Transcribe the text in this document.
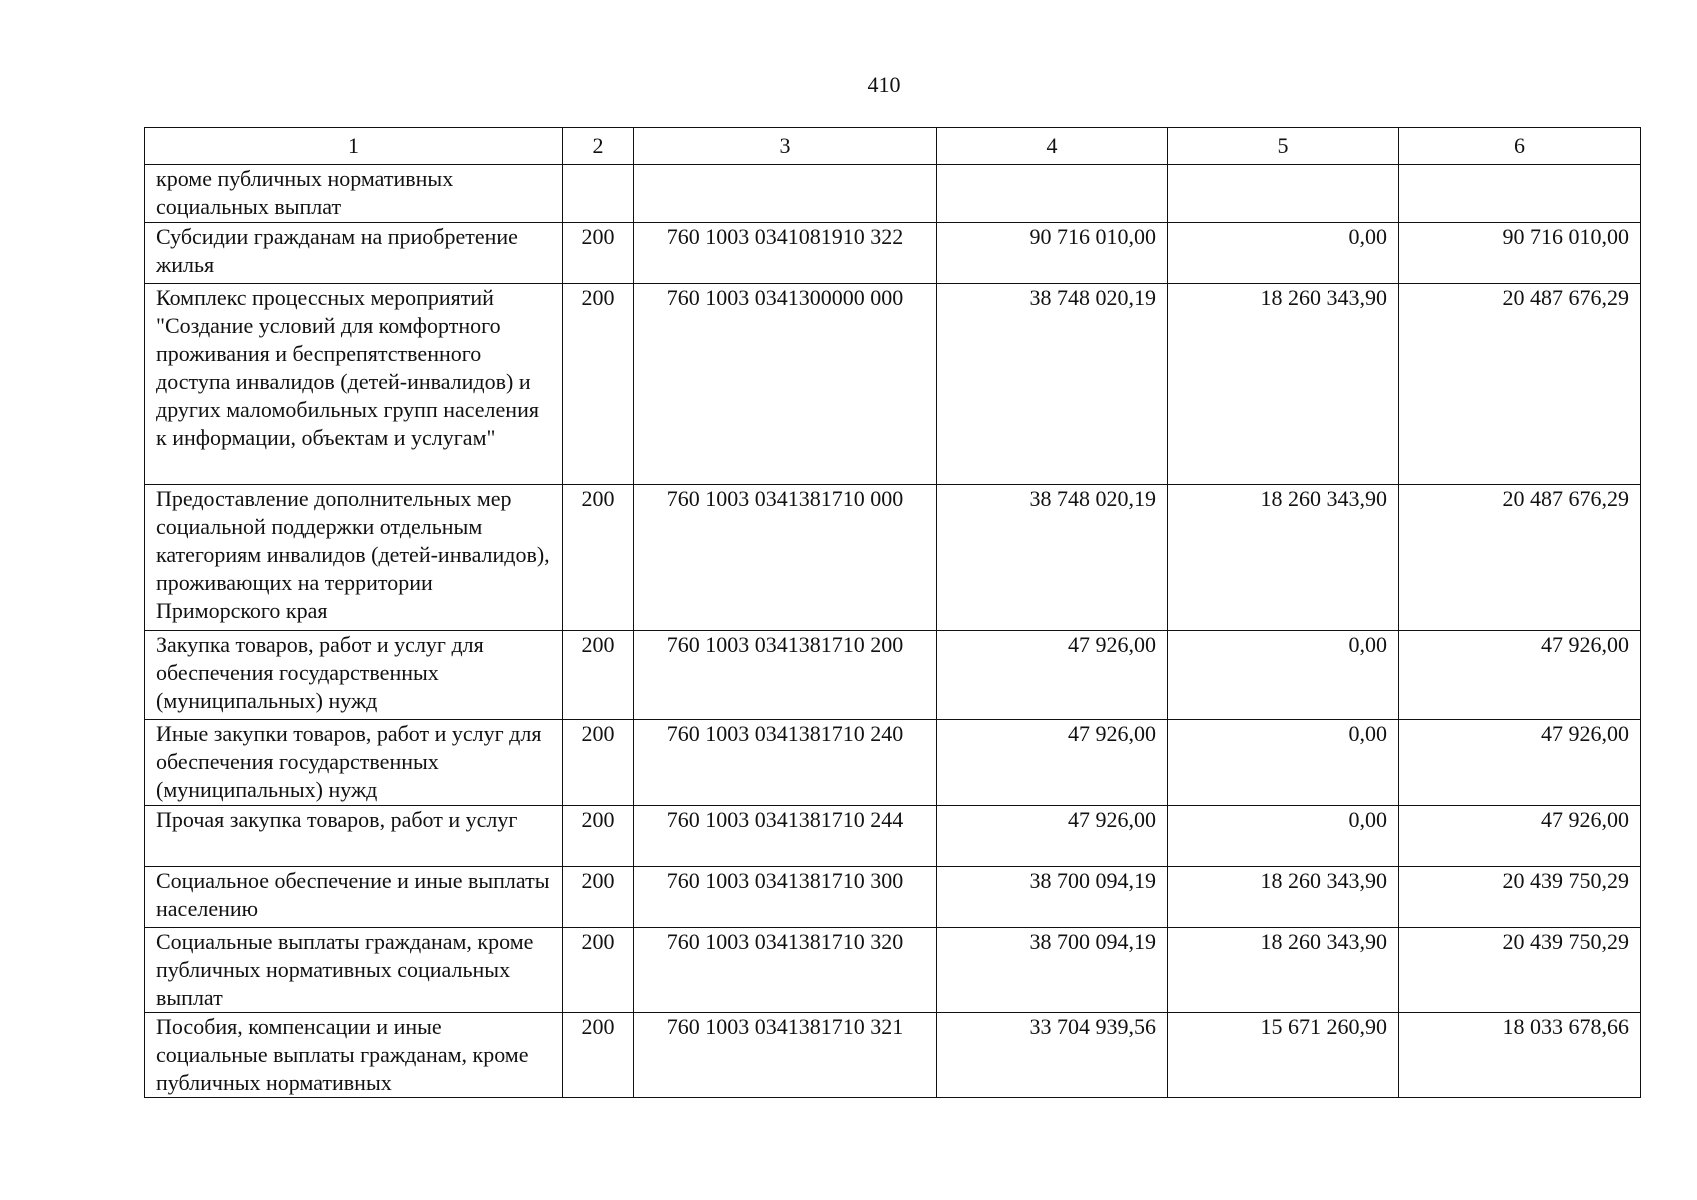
410
1	2	3	4	5	6
кроме публичных нормативных социальных выплат					
Субсидии гражданам на приобретение жилья	200	760 1003 0341081910 322	90 716 010,00	0,00	90 716 010,00
Комплекс процессных мероприятий "Создание условий для комфортного проживания и беспрепятственного доступа инвалидов (детей-инвалидов) и других маломобильных групп населения к информации, объектам и услугам"	200	760 1003 0341300000 000	38 748 020,19	18 260 343,90	20 487 676,29
Предоставление дополнительных мер социальной поддержки отдельным категориям инвалидов (детей-инвалидов), проживающих на территории Приморского края	200	760 1003 0341381710 000	38 748 020,19	18 260 343,90	20 487 676,29
Закупка товаров, работ и услуг для обеспечения государственных (муниципальных) нужд	200	760 1003 0341381710 200	47 926,00	0,00	47 926,00
Иные закупки товаров, работ и услуг для обеспечения государственных (муниципальных) нужд	200	760 1003 0341381710 240	47 926,00	0,00	47 926,00
Прочая закупка товаров, работ и услуг	200	760 1003 0341381710 244	47 926,00	0,00	47 926,00
Социальное обеспечение и иные выплаты населению	200	760 1003 0341381710 300	38 700 094,19	18 260 343,90	20 439 750,29
Социальные выплаты гражданам, кроме публичных нормативных социальных выплат	200	760 1003 0341381710 320	38 700 094,19	18 260 343,90	20 439 750,29
Пособия, компенсации и иные социальные выплаты гражданам, кроме публичных нормативных	200	760 1003 0341381710 321	33 704 939,56	15 671 260,90	18 033 678,66
